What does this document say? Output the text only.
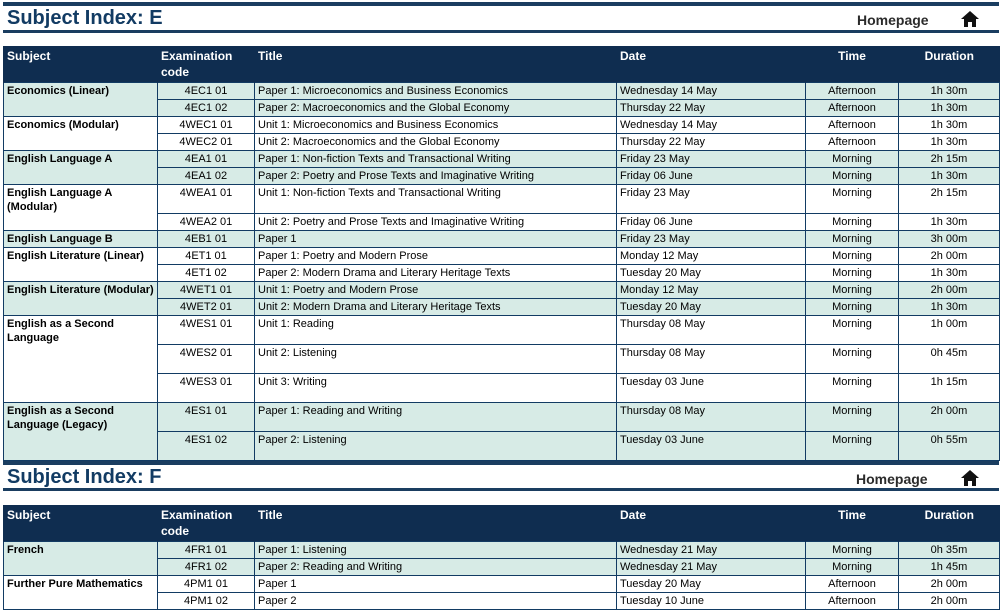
Subject Index: E	Homepage
Subject	Examination code	Title	Date	Time	Duration
Economics (Linear)	4EC1 01	Paper 1: Microeconomics and Business Economics	Wednesday 14 May	Afternoon	1h 30m
	4EC1 02	Paper 2: Macroeconomics and the Global Economy	Thursday 22 May	Afternoon	1h 30m
Economics (Modular)	4WEC1 01	Unit 1: Microeconomics and Business Economics	Wednesday 14 May	Afternoon	1h 30m
	4WEC2 01	Unit 2: Macroeconomics and the Global Economy	Thursday 22 May	Afternoon	1h 30m
English Language A	4EA1 01	Paper 1: Non-fiction Texts and Transactional Writing	Friday 23 May	Morning	2h 15m
	4EA1 02	Paper 2: Poetry and Prose Texts and Imaginative Writing	Friday 06 June	Morning	1h 30m
English Language A (Modular)	4WEA1 01	Unit 1: Non-fiction Texts and Transactional Writing	Friday 23 May	Morning	2h 15m
	4WEA2 01	Unit 2: Poetry and Prose Texts and Imaginative Writing	Friday 06 June	Morning	1h 30m
English Language B	4EB1 01	Paper 1	Friday 23 May	Morning	3h 00m
English Literature (Linear)	4ET1 01	Paper 1: Poetry and Modern Prose	Monday 12 May	Morning	2h 00m
	4ET1 02	Paper 2: Modern Drama and Literary Heritage Texts	Tuesday 20 May	Morning	1h 30m
English Literature (Modular)	4WET1 01	Unit 1: Poetry and Modern Prose	Monday 12 May	Morning	2h 00m
	4WET2 01	Unit 2: Modern Drama and Literary Heritage Texts	Tuesday 20 May	Morning	1h 30m
English as a Second Language	4WES1 01	Unit 1: Reading	Thursday 08 May	Morning	1h 00m
	4WES2 01	Unit 2: Listening	Thursday 08 May	Morning	0h 45m
	4WES3 01	Unit 3: Writing	Tuesday 03 June	Morning	1h 15m
English as a Second Language (Legacy)	4ES1 01	Paper 1: Reading and Writing	Thursday 08 May	Morning	2h 00m
	4ES1 02	Paper 2: Listening	Tuesday 03 June	Morning	0h 55m
Subject Index: F	Homepage
Subject	Examination code	Title	Date	Time	Duration
French	4FR1 01	Paper 1: Listening	Wednesday 21 May	Morning	0h 35m
	4FR1 02	Paper 2: Reading and Writing	Wednesday 21 May	Morning	1h 45m
Further Pure Mathematics	4PM1 01	Paper 1	Tuesday 20 May	Afternoon	2h 00m
	4PM1 02	Paper 2	Tuesday 10 June	Afternoon	2h 00m
